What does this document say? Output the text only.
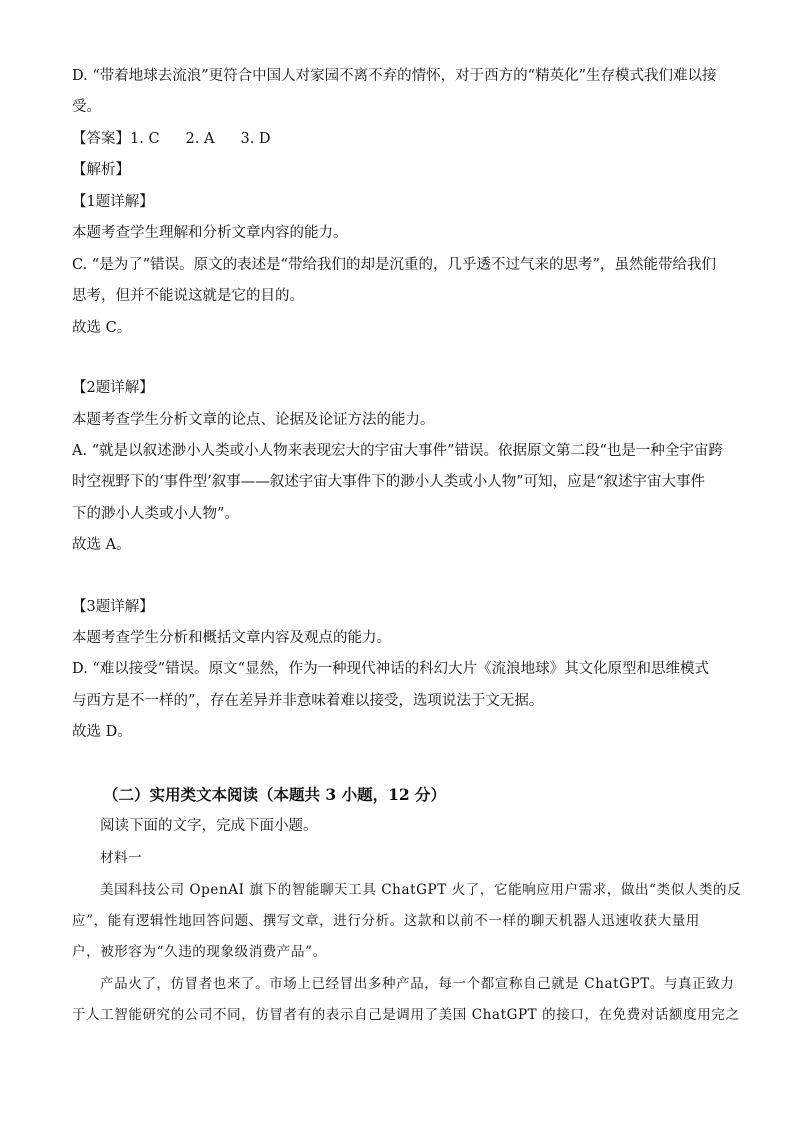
D. “带着地球去流浪”更符合中国人对家园不离不弃的情怀，对于西方的“精英化”生存模式我们难以接
受。
【答案】1. C 2. A 3. D
【解析】
【1题详解】
本题考查学生理解和分析文章内容的能力。
C. “是为了”错误。原文的表述是“带给我们的却是沉重的，几乎透不过气来的思考”，虽然能带给我们
思考，但并不能说这就是它的目的。
故选 C。
【2题详解】
本题考查学生分析文章的论点、论据及论证方法的能力。
A. “就是以叙述渺小人类或小人物来表现宏大的宇宙大事件”错误。依据原文第二段“也是一种全宇宙跨
时空视野下的‘事件型’叙事——叙述宇宙大事件下的渺小人类或小人物”可知，应是“叙述宇宙大事件
下的渺小人类或小人物”。
故选 A。
【3题详解】
本题考查学生分析和概括文章内容及观点的能力。
D. “难以接受”错误。原文“显然，作为一种现代神话的科幻大片《流浪地球》其文化原型和思维模式
与西方是不一样的”，存在差异并非意味着难以接受，选项说法于文无据。
故选 D。
（二）实用类文本阅读（本题共 3 小题，12 分）
阅读下面的文字，完成下面小题。
材料一
美国科技公司 OpenAI 旗下的智能聊天工具 ChatGPT 火了，它能响应用户需求，做出“类似人类的反
应”，能有逻辑性地回答问题、撰写文章，进行分析。这款和以前不一样的聊天机器人迅速收获大量用
户，被形容为“久违的现象级消费产品”。
产品火了，仿冒者也来了。市场上已经冒出多种产品，每一个都宣称自己就是 ChatGPT。与真正致力
于人工智能研究的公司不同，仿冒者有的表示自己是调用了美国 ChatGPT 的接口，在免费对话额度用完之
